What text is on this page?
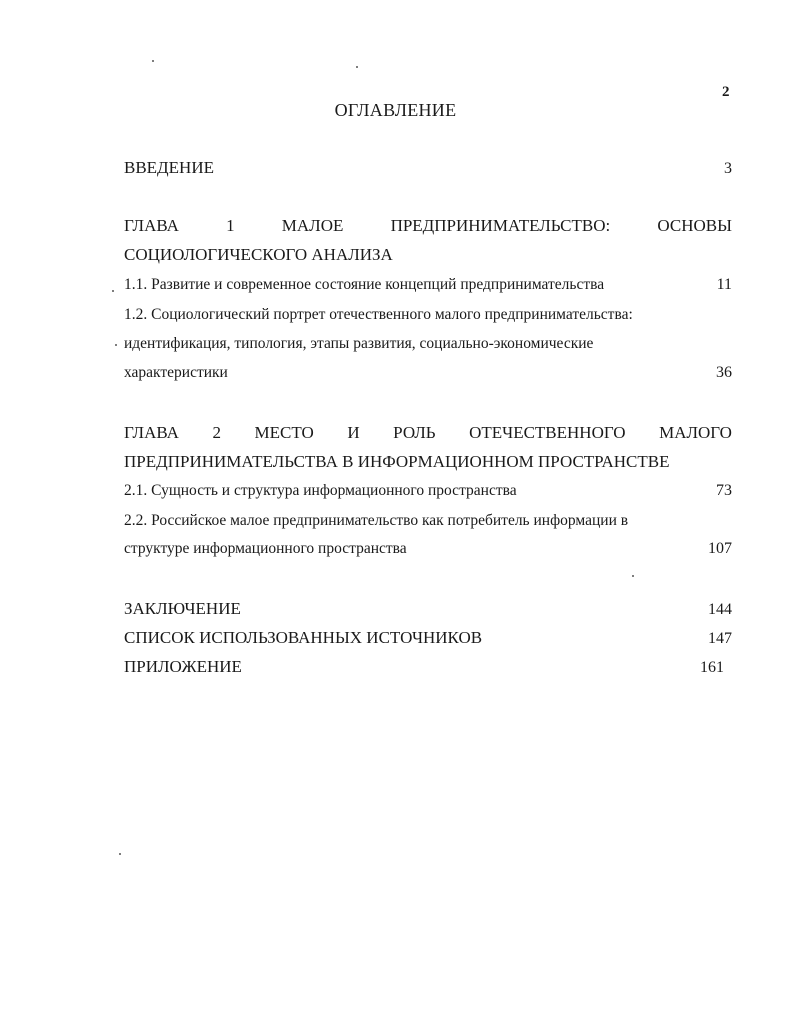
2
ОГЛАВЛЕНИЕ
ВВЕДЕНИЕ	3
ГЛАВА	1	МАЛОЕ	ПРЕДПРИНИМАТЕЛЬСТВО:	ОСНОВЫ
СОЦИОЛОГИЧЕСКОГО АНАЛИЗА
1.1. Развитие и современное состояние концепций предпринимательства	11
1.2. Социологический портрет отечественного малого предпринимательства:
идентификация, типология, этапы развития, социально-экономические
характеристики	36
ГЛАВА 2 МЕСТО И РОЛЬ ОТЕЧЕСТВЕННОГО МАЛОГО
ПРЕДПРИНИМАТЕЛЬСТВА В ИНФОРМАЦИОННОМ ПРОСТРАНСТВЕ
2.1. Сущность и структура информационного пространства	73
2.2. Российское малое предпринимательство как потребитель информации в
структуре информационного пространства	107
ЗАКЛЮЧЕНИЕ	144
СПИСОК ИСПОЛЬЗОВАННЫХ ИСТОЧНИКОВ	147
ПРИЛОЖЕНИЕ	161
